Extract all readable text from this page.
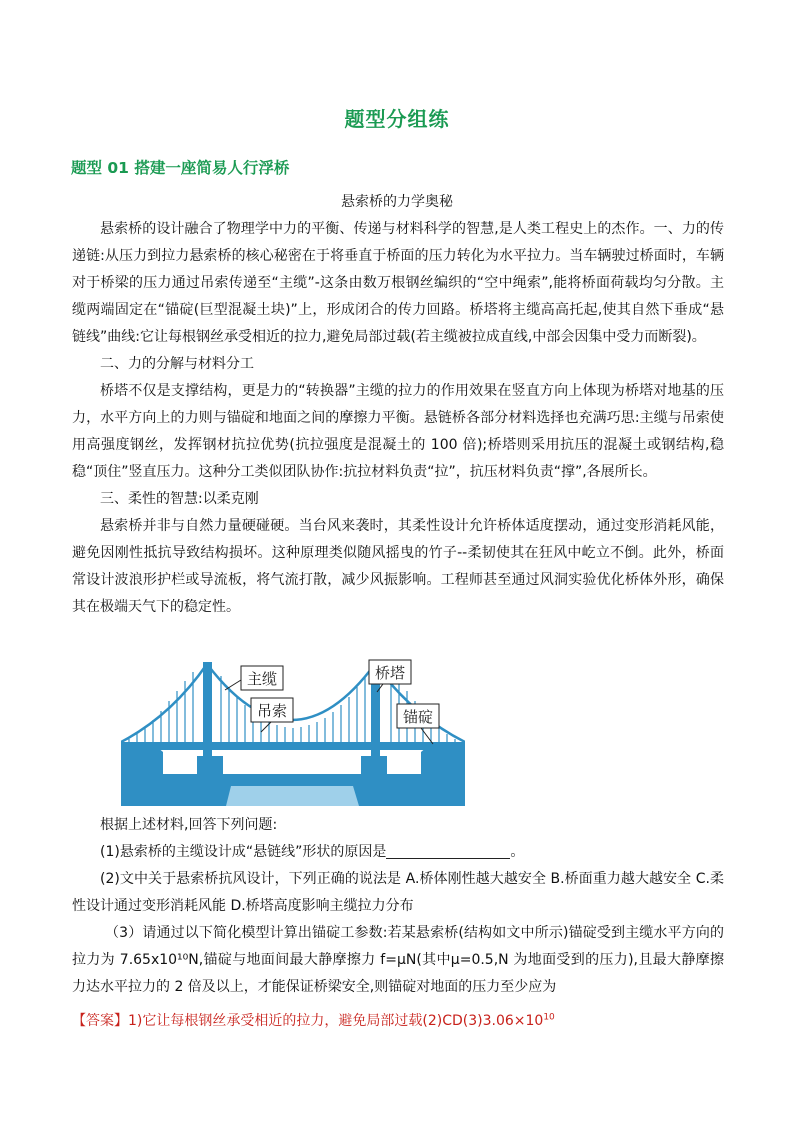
题型分组练
题型 01 搭建一座简易人行浮桥
悬索桥的力学奥秘

悬索桥的设计融合了物理学中力的平衡、传递与材料科学的智慧,是人类工程史上的杰作。一、力的传递链:从压力到拉力悬索桥的核心秘密在于将垂直于桥面的压力转化为水平拉力。当车辆驶过桥面时，车辆对于桥梁的压力通过吊索传递至“主缆”-这条由数万根钢丝编织的“空中绳索”,能将桥面荷载均匀分散。主缆两端固定在“锚碇(巨型混凝土块)”上，形成闭合的传力回路。桥塔将主缆高高托起,使其自然下垂成“悬链线”曲线:它让每根钢丝承受相近的拉力,避免局部过载(若主缆被拉成直线,中部会因集中受力而断裂)。

二、力的分解与材料分工

桥塔不仅是支撑结构，更是力的“转换器”主缆的拉力的作用效果在竖直方向上体现为桥塔对地基的压力，水平方向上的力则与锚碇和地面之间的摩擦力平衡。悬链桥各部分材料选择也充满巧思:主缆与吊索使用高强度钢丝，发挥钢材抗拉优势(抗拉强度是混凝土的 100 倍);桥塔则采用抗压的混凝土或钢结构,稳稳“顶住”竖直压力。这种分工类似团队协作:抗拉材料负责“拉”，抗压材料负责“撑”,各展所长。

三、柔性的智慧:以柔克刚

悬索桥并非与自然力量硬碰硬。当台风来袭时，其柔性设计允许桥体适度摆动，通过变形消耗风能，避免因刚性抵抗导致结构损坏。这种原理类似随风摇曳的竹子--柔韧使其在狂风中屹立不倒。此外，桥面常设计波浪形护栏或导流板，将气流打散，减少风振影响。工程师甚至通过风洞实验优化桥体外形，确保其在极端天气下的稳定性。

主缆
吊索
桥塔
锚碇

根据上述材料,回答下列问题:

(1)悬索桥的主缆设计成“悬链线”形状的原因是	。

(2)文中关于悬索桥抗风设计，下列正确的说法是 A.桥体刚性越大越安全 B.桥面重力越大越安全 C.柔性设计通过变形消耗风能 D.桥塔高度影响主缆拉力分布

（3）请通过以下简化模型计算出锚碇工参数:若某悬索桥(结构如文中所示)锚碇受到主缆水平方向的拉力为 7.65x10¹⁰N,锚碇与地面间最大静摩擦力 f=μN(其中μ=0.5,N 为地面受到的压力),且最大静摩擦力达水平拉力的 2 倍及以上，才能保证桥梁安全,则锚碇对地面的压力至少应为

【答案】1)它让每根钢丝承受相近的拉力，避免局部过载$(2)CD(3)3.06\times 10^{10}$
